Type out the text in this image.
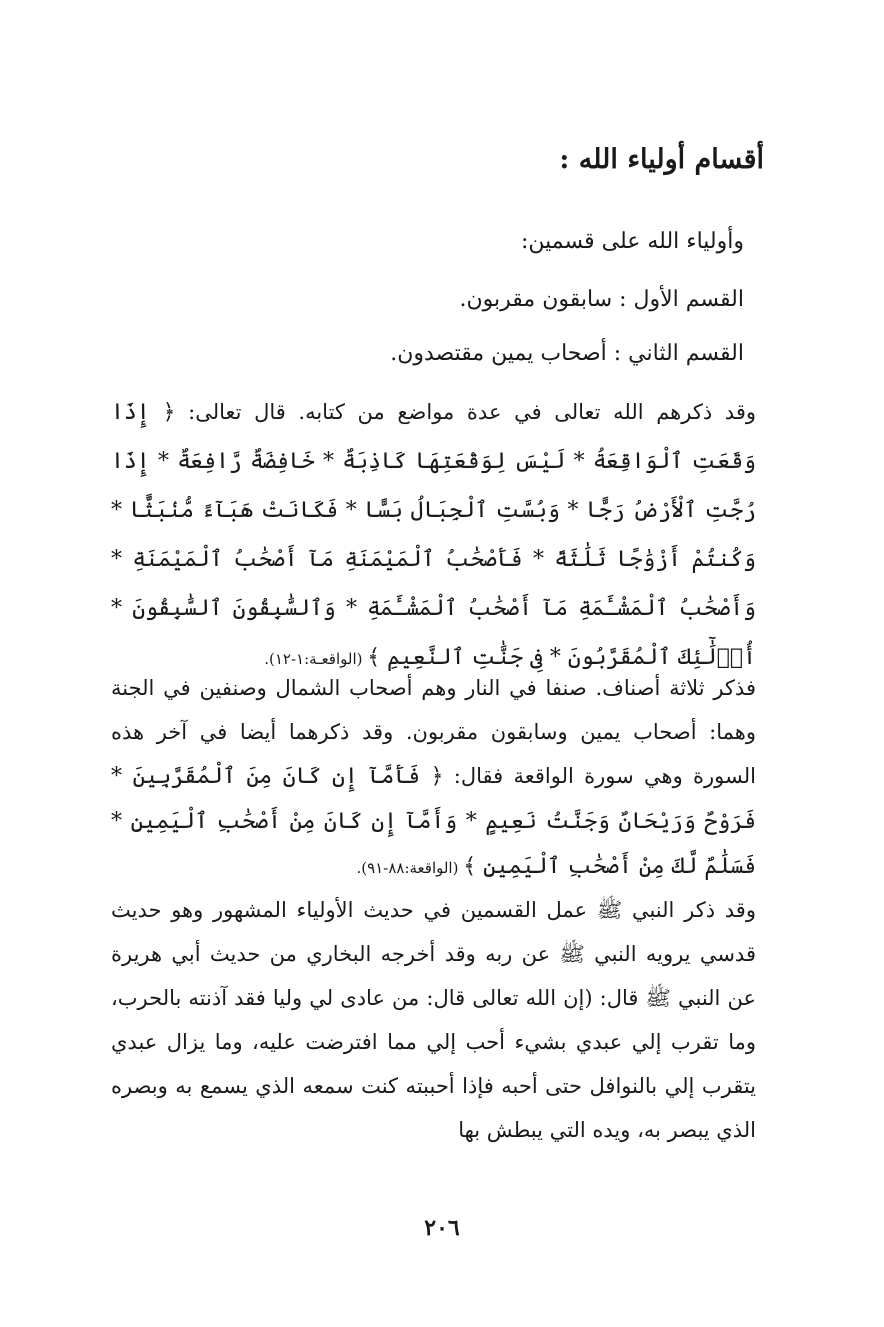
أقسام أولياء الله :
وأولياء الله على قسمين:
القسم الأول : سابقون مقربون.
القسم الثاني : أصحاب يمين مقتصدون.
وقد ذكرهم الله تعالى في عدة مواضع من كتابه. قال تعالى: ﴿ إِذَا وَقَعَتِ ٱلْوَاقِعَةُ * لَيْسَ لِوَقْعَتِهَا كَاذِبَةٌ * خَافِضَةٌ رَّافِعَةٌ * إِذَا رُجَّتِ ٱلْأَرْضُ رَجًّا * وَبُسَّتِ ٱلْجِبَالُ بَسًّا * فَكَانَتْ هَبَآءً مُّنۢبَثًّا * وَكُنتُمْ أَزْوَٰجًا ثَلَٰثَةً * فَأَصْحَٰبُ ٱلْمَيْمَنَةِ مَآ أَصْحَٰبُ ٱلْمَيْمَنَةِ * وَأَصْحَٰبُ ٱلْمَشْـَٔمَةِ مَآ أَصْحَٰبُ ٱلْمَشْـَٔمَةِ * وَٱلسَّٰبِقُونَ ٱلسَّٰبِقُونَ * أُو۟لَٰٓئِكَ ٱلْمُقَرَّبُونَ * فِى جَنَّٰتِ ٱلنَّعِيمِ ﴾ (الواقعـة:١-١٢).
فذكر ثلاثة أصناف. صنفا في النار وهم أصحاب الشمال وصنفين في الجنة وهما: أصحاب يمين وسابقون مقربون. وقد ذكرهما أيضا في آخر هذه السورة وهي سورة الواقعة فقال: ﴿ فَأَمَّآ إِن كَانَ مِنَ ٱلْمُقَرَّبِينَ * فَرَوْحٌ وَرَيْحَانٌ وَجَنَّتُ نَعِيمٍ * وَأَمَّآ إِن كَانَ مِنْ أَصْحَٰبِ ٱلْيَمِينِ * فَسَلَٰمٌ لَّكَ مِنْ أَصْحَٰبِ ٱلْيَمِينِ ﴾ (الواقعة:٨٨-٩١).
وقد ذكر النبي ﷺ عمل القسمين في حديث الأولياء المشهور وهو حديث قدسي يرويه النبي ﷺ عن ربه وقد أخرجه البخاري من حديث أبي هريرة عن النبي ﷺ قال: (إن الله تعالى قال: من عادى لي وليا فقد آذنته بالحرب، وما تقرب إلي عبدي بشيء أحب إلي مما افترضت عليه، وما يزال عبدي يتقرب إلي بالنوافل حتى أحبه فإذا أحببته كنت سمعه الذي يسمع به وبصره الذي يبصر به، ويده التي يبطش بها
٢٠٦
